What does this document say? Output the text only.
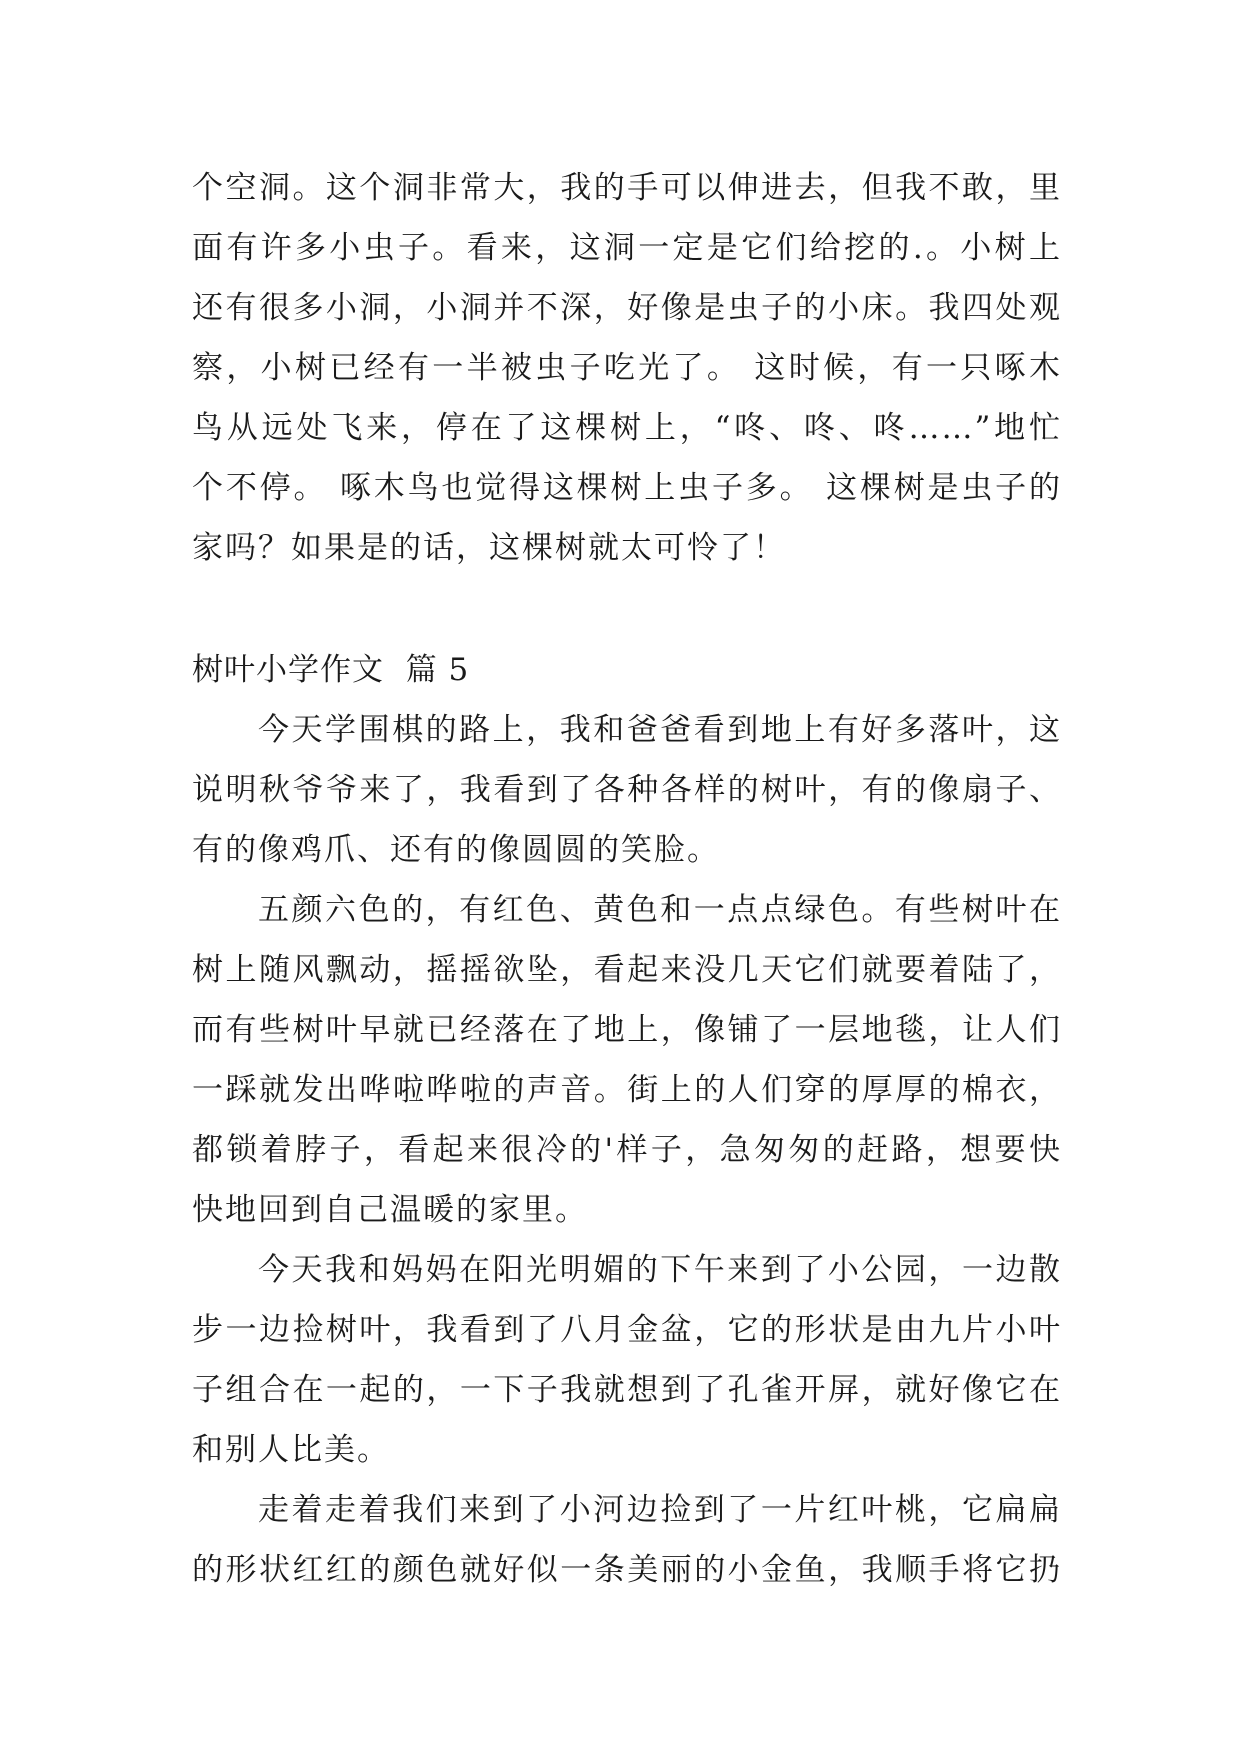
个空洞。这个洞非常大，我的手可以伸进去，但我不敢，里
面有许多小虫子。看来，这洞一定是它们给挖的.。小树上
还有很多小洞，小洞并不深，好像是虫子的小床。我四处观
察，小树已经有一半被虫子吃光了。 这时候，有一只啄木
鸟从远处飞来，停在了这棵树上，“咚、咚、咚……”地忙
个不停。 啄木鸟也觉得这棵树上虫子多。 这棵树是虫子的
家吗？如果是的话，这棵树就太可怜了！
树叶小学作文  篇 5
今天学围棋的路上，我和爸爸看到地上有好多落叶，这
说明秋爷爷来了，我看到了各种各样的树叶，有的像扇子、
有的像鸡爪、还有的像圆圆的笑脸。
五颜六色的，有红色、黄色和一点点绿色。有些树叶在
树上随风飘动，摇摇欲坠，看起来没几天它们就要着陆了，
而有些树叶早就已经落在了地上，像铺了一层地毯，让人们
一踩就发出哗啦哗啦的声音。街上的人们穿的厚厚的棉衣，
都锁着脖子，看起来很冷的'样子，急匆匆的赶路，想要快
快地回到自己温暖的家里。
今天我和妈妈在阳光明媚的下午来到了小公园，一边散
步一边捡树叶，我看到了八月金盆，它的形状是由九片小叶
子组合在一起的，一下子我就想到了孔雀开屏，就好像它在
和别人比美。
走着走着我们来到了小河边捡到了一片红叶桃，它扁扁
的形状红红的颜色就好似一条美丽的小金鱼，我顺手将它扔
